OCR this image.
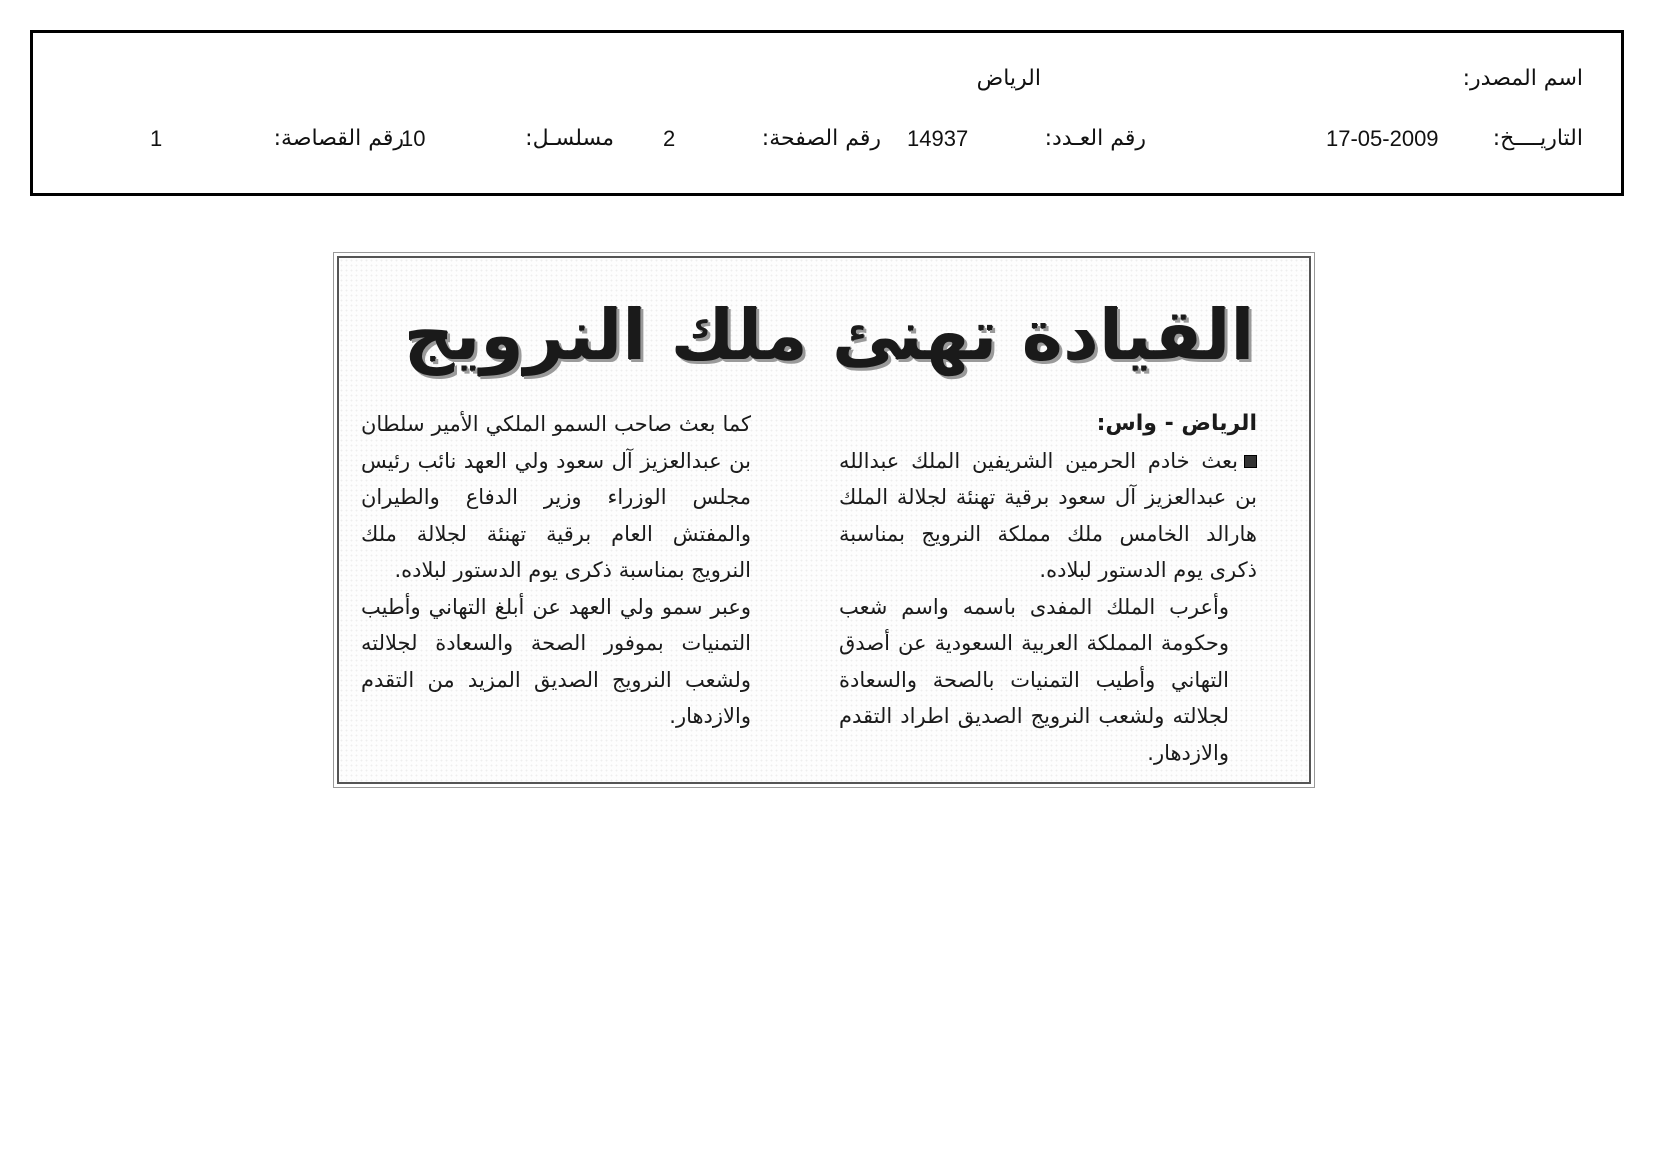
اسم المصدر:
الرياض
التاريــــخ:
17-05-2009
رقم العـدد:
14937
رقم الصفحة:
2
مسلسـل:
10
رقم القصاصة:
1
القيادة تهنئ ملك النرويج

الرياض - واس:

بعث خادم الحرمين الشريفين الملك عبدالله بن عبدالعزيز آل سعود برقية تهنئة لجلالة الملك هارالد الخامس ملك مملكة النرويج بمناسبة ذكرى يوم الدستور لبلاده.

وأعرب الملك المفدى باسمه واسم شعب وحكومة المملكة العربية السعودية عن أصدق التهاني وأطيب التمنيات بالصحة والسعادة لجلالته ولشعب النرويج الصديق اطراد التقدم والازدهار.

كما بعث صاحب السمو الملكي الأمير سلطان بن عبدالعزيز آل سعود ولي العهد نائب رئيس مجلس الوزراء وزير الدفاع والطيران والمفتش العام برقية تهنئة لجلالة ملك النرويج بمناسبة ذكرى يوم الدستور لبلاده.

وعبر سمو ولي العهد عن أبلغ التهاني وأطيب التمنيات بموفور الصحة والسعادة لجلالته ولشعب النرويج الصديق المزيد من التقدم والازدهار.
